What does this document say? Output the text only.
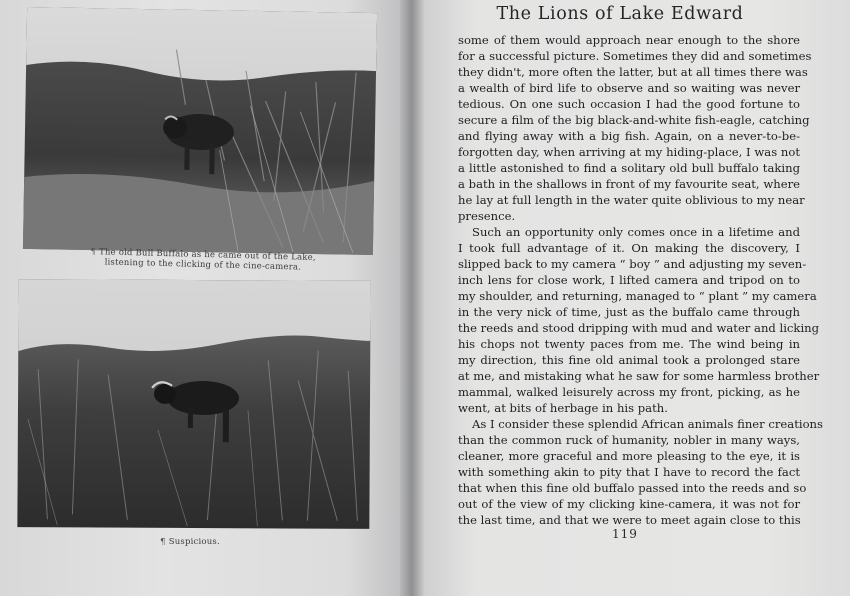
¶ The old Bull Buffalo as he came out of the Lake, listening to the clicking of the cine-camera.
¶ Suspicious.
The Lions of Lake Edward
some of them would approach near enough to the shore
for a successful picture. Sometimes they did and sometimes
they didn't, more often the latter, but at all times there was
a wealth of bird life to observe and so waiting was never
tedious. On one such occasion I had the good fortune to
secure a film of the big black-and-white fish-eagle, catching
and flying away with a big fish. Again, on a never-to-be-
forgotten day, when arriving at my hiding-place, I was not
a little astonished to find a solitary old bull buffalo taking
a bath in the shallows in front of my favourite seat, where
he lay at full length in the water quite oblivious to my near
presence.
Such an opportunity only comes once in a lifetime and
I took full advantage of it. On making the discovery, I
slipped back to my camera “ boy ” and adjusting my seven-
inch lens for close work, I lifted camera and tripod on to
my shoulder, and returning, managed to “ plant ” my camera
in the very nick of time, just as the buffalo came through
the reeds and stood dripping with mud and water and licking
his chops not twenty paces from me. The wind being in
my direction, this fine old animal took a prolonged stare
at me, and mistaking what he saw for some harmless brother
mammal, walked leisurely across my front, picking, as he
went, at bits of herbage in his path.
As I consider these splendid African animals finer creations
than the common ruck of humanity, nobler in many ways,
cleaner, more graceful and more pleasing to the eye, it is
with something akin to pity that I have to record the fact
that when this fine old buffalo passed into the reeds and so
out of the view of my clicking kine-camera, it was not for
the last time, and that we were to meet again close to this
119
